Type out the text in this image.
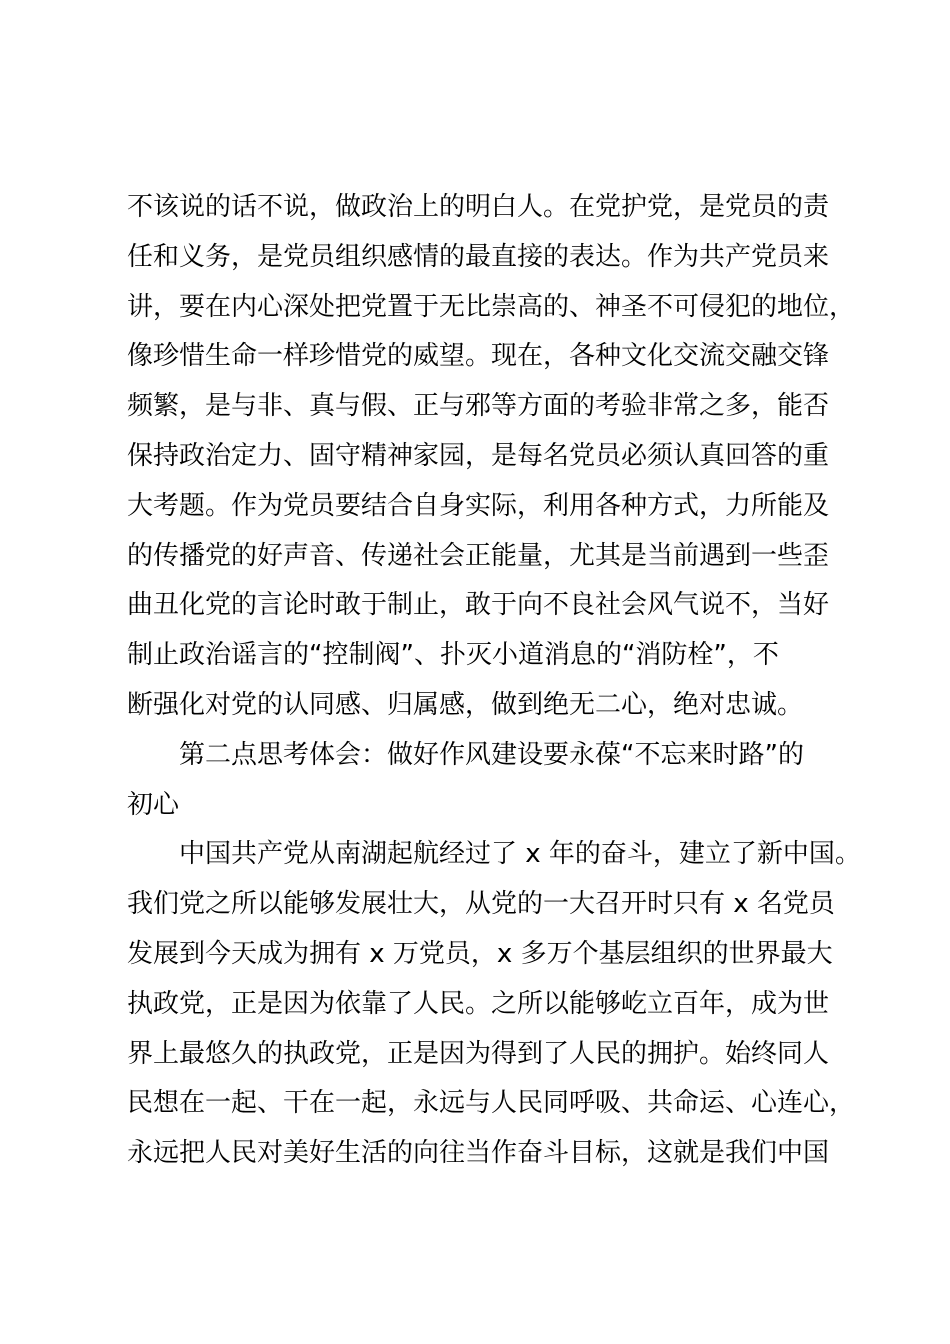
不该说的话不说，做政治上的明白人。在党护党，是党员的责
任和义务，是党员组织感情的最直接的表达。作为共产党员来
讲，要在内心深处把党置于无比崇高的、神圣不可侵犯的地位，
像珍惜生命一样珍惜党的威望。现在，各种文化交流交融交锋
频繁，是与非、真与假、正与邪等方面的考验非常之多，能否
保持政治定力、固守精神家园，是每名党员必须认真回答的重
大考题。作为党员要结合自身实际，利用各种方式，力所能及
的传播党的好声音、传递社会正能量，尤其是当前遇到一些歪
曲丑化党的言论时敢于制止，敢于向不良社会风气说不，当好
制止政治谣言的“控制阀”、扑灭小道消息的“消防栓”，不
断强化对党的认同感、归属感，做到绝无二心，绝对忠诚。
第二点思考体会：做好作风建设要永葆“不忘来时路”的
初心
中国共产党从南湖起航经过了 x 年的奋斗，建立了新中国。
我们党之所以能够发展壮大，从党的一大召开时只有 x 名党员
发展到今天成为拥有 x 万党员，x 多万个基层组织的世界最大
执政党，正是因为依靠了人民。之所以能够屹立百年，成为世
界上最悠久的执政党，正是因为得到了人民的拥护。始终同人
民想在一起、干在一起，永远与人民同呼吸、共命运、心连心，
永远把人民对美好生活的向往当作奋斗目标，这就是我们中国
